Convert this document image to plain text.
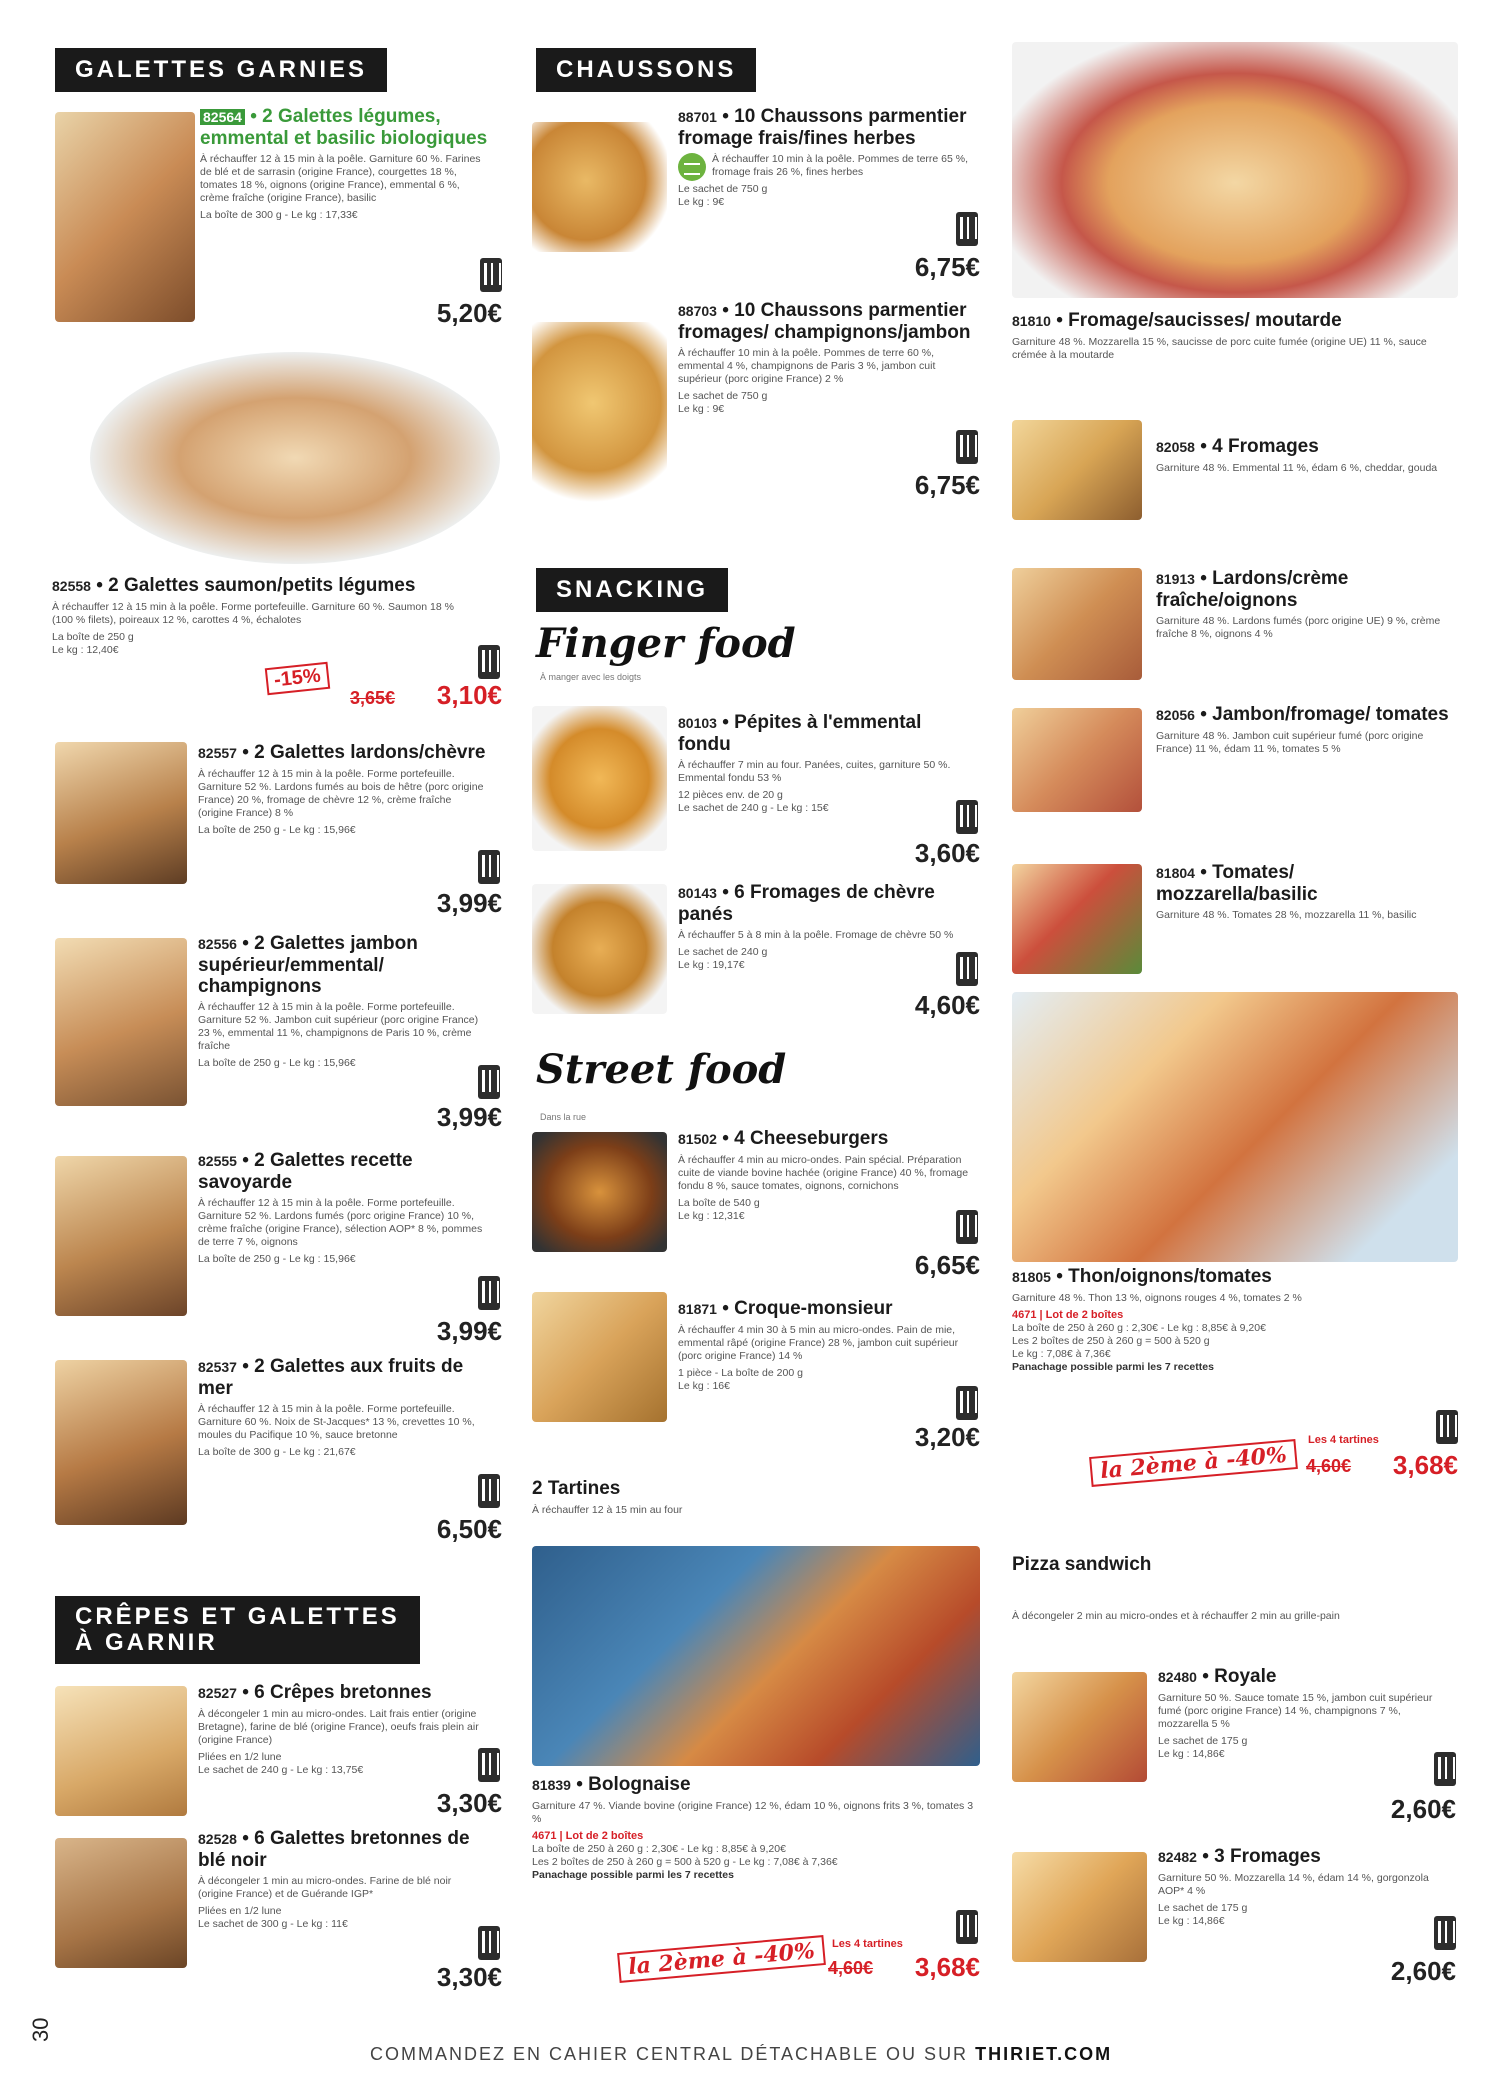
30
GALETTES GARNIES
82564 • 2 Galettes légumes, emmental et basilic biologiques
À réchauffer 12 à 15 min à la poêle. Garniture 60 %. Farines de blé et de sarrasin (origine France), courgettes 18 %, tomates 18 %, oignons (origine France), emmental 6 %, crème fraîche (origine France), basilic
La boîte de 300 g - Le kg : 17,33€
5,20€
82558 • 2 Galettes saumon/petits légumes
À réchauffer 12 à 15 min à la poêle. Forme portefeuille. Garniture 60 %. Saumon 18 % (100 % filets), poireaux 12 %, carottes 4 %, échalotes
La boîte de 250 g
Le kg : 12,40€
-15%
3,65€	3,10€
82557 • 2 Galettes lardons/chèvre
À réchauffer 12 à 15 min à la poêle. Forme portefeuille. Garniture 52 %. Lardons fumés au bois de hêtre (porc origine France) 20 %, fromage de chèvre 12 %, crème fraîche (origine France) 8 %
La boîte de 250 g - Le kg : 15,96€
3,99€
82556 • 2 Galettes jambon supérieur/emmental/ champignons
À réchauffer 12 à 15 min à la poêle. Forme portefeuille. Garniture 52 %. Jambon cuit supérieur (porc origine France) 23 %, emmental 11 %, champignons de Paris 10 %, crème fraîche
La boîte de 250 g - Le kg : 15,96€
3,99€
82555 • 2 Galettes recette savoyarde
À réchauffer 12 à 15 min à la poêle. Forme portefeuille. Garniture 52 %. Lardons fumés (porc origine France) 10 %, crème fraîche (origine France), sélection AOP* 8 %, pommes de terre 7 %, oignons
La boîte de 250 g - Le kg : 15,96€
3,99€
82537 • 2 Galettes aux fruits de mer
À réchauffer 12 à 15 min à la poêle. Forme portefeuille. Garniture 60 %. Noix de St-Jacques* 13 %, crevettes 10 %, moules du Pacifique 10 %, sauce bretonne
La boîte de 300 g - Le kg : 21,67€
6,50€
CRÊPES ET GALETTES
À GARNIR
82527 • 6 Crêpes bretonnes
À décongeler 1 min au micro-ondes. Lait frais entier (origine Bretagne), farine de blé (origine France), oeufs frais plein air (origine France)
Pliées en 1/2 lune
Le sachet de 240 g - Le kg : 13,75€
3,30€
82528 • 6 Galettes bretonnes de blé noir
À décongeler 1 min au micro-ondes. Farine de blé noir (origine France) et de Guérande IGP*
Pliées en 1/2 lune
Le sachet de 300 g - Le kg : 11€
3,30€
CHAUSSONS
88701 • 10 Chaussons parmentier fromage frais/fines herbes
À réchauffer 10 min à la poêle. Pommes de terre 65 %, fromage frais 26 %, fines herbes
Le sachet de 750 g
Le kg : 9€
6,75€
88703 • 10 Chaussons parmentier fromages/ champignons/jambon
À réchauffer 10 min à la poêle. Pommes de terre 60 %, emmental 4 %, champignons de Paris 3 %, jambon cuit supérieur (porc origine France) 2 %
Le sachet de 750 g
Le kg : 9€
6,75€
SNACKING
Finger food
À manger avec les doigts
80103 • Pépites à l'emmental fondu
À réchauffer 7 min au four. Panées, cuites, garniture 50 %. Emmental fondu 53 %
12 pièces env. de 20 g
Le sachet de 240 g - Le kg : 15€
3,60€
80143 • 6 Fromages de chèvre panés
À réchauffer 5 à 8 min à la poêle. Fromage de chèvre 50 %
Le sachet de 240 g
Le kg : 19,17€
4,60€
Street food
Dans la rue
81502 • 4 Cheeseburgers
À réchauffer 4 min au micro-ondes. Pain spécial. Préparation cuite de viande bovine hachée (origine France) 40 %, fromage fondu 8 %, sauce tomates, oignons, cornichons
La boîte de 540 g
Le kg : 12,31€
6,65€
81871 • Croque-monsieur
À réchauffer 4 min 30 à 5 min au micro-ondes. Pain de mie, emmental râpé (origine France) 28 %, jambon cuit supérieur (porc origine France) 14 %
1 pièce - La boîte de 200 g
Le kg : 16€
3,20€
2 Tartines
À réchauffer 12 à 15 min au four
81839 • Bolognaise
Garniture 47 %. Viande bovine (origine France) 12 %, édam 10 %, oignons frits 3 %, tomates 3 %
4671 | Lot de 2 boîtes
La boîte de 250 à 260 g : 2,30€ - Le kg : 8,85€ à 9,20€
Les 2 boîtes de 250 à 260 g = 500 à 520 g - Le kg : 7,08€ à 7,36€
Panachage possible parmi les 7 recettes
la 2ème à -40%	Les 4 tartines
4,60€	3,68€
81810 • Fromage/saucisses/ moutarde
Garniture 48 %. Mozzarella 15 %, saucisse de porc cuite fumée (origine UE) 11 %, sauce crémée à la moutarde
82058 • 4 Fromages
Garniture 48 %. Emmental 11 %, édam 6 %, cheddar, gouda
81913 • Lardons/crème fraîche/oignons
Garniture 48 %. Lardons fumés (porc origine UE) 9 %, crème fraîche 8 %, oignons 4 %
82056 • Jambon/fromage/ tomates
Garniture 48 %. Jambon cuit supérieur fumé (porc origine France) 11 %, édam 11 %, tomates 5 %
81804 • Tomates/ mozzarella/basilic
Garniture 48 %. Tomates 28 %, mozzarella 11 %, basilic
81805 • Thon/oignons/tomates
Garniture 48 %. Thon 13 %, oignons rouges 4 %, tomates 2 %
4671 | Lot de 2 boîtes
La boîte de 250 à 260 g : 2,30€ - Le kg : 8,85€ à 9,20€
Les 2 boîtes de 250 à 260 g = 500 à 520 g
Le kg : 7,08€ à 7,36€
Panachage possible parmi les 7 recettes
la 2ème à -40%
Les 4 tartines
4,60€	3,68€
Pizza sandwich
À décongeler 2 min au micro-ondes et à réchauffer 2 min au grille-pain
82480 • Royale
Garniture 50 %. Sauce tomate 15 %, jambon cuit supérieur fumé (porc origine France) 14 %, champignons 7 %, mozzarella 5 %
Le sachet de 175 g
Le kg : 14,86€
2,60€
82482 • 3 Fromages
Garniture 50 %. Mozzarella 14 %, édam 14 %, gorgonzola AOP* 4 %
Le sachet de 175 g
Le kg : 14,86€
2,60€
COMMANDEZ EN CAHIER CENTRAL DÉTACHABLE OU SUR THIRIET.COM
